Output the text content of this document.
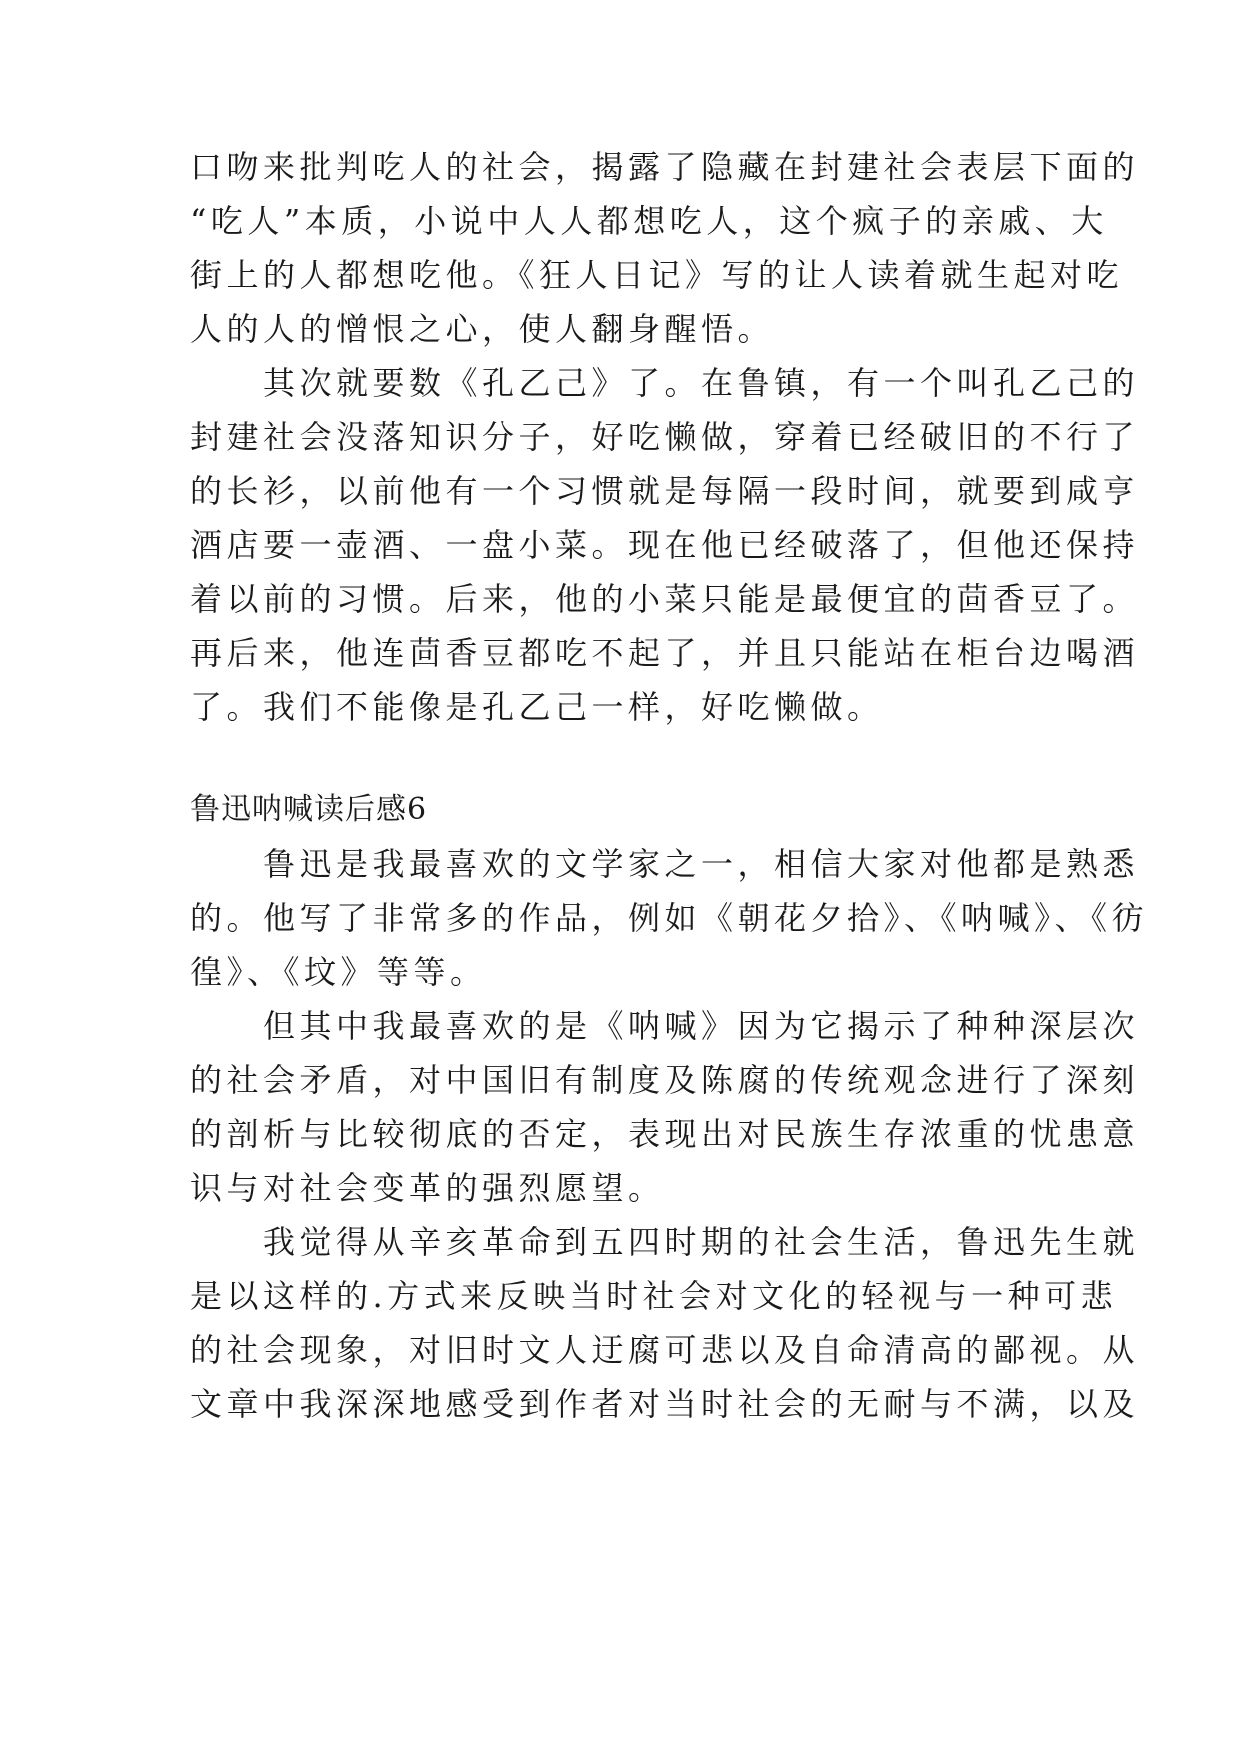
口吻来批判吃人的社会，揭露了隐藏在封建社会表层下面的

“吃人”本质，小说中人人都想吃人，这个疯子的亲戚、大

街上的人都想吃他。《狂人日记》写的让人读着就生起对吃

人的人的憎恨之心，使人翻身醒悟。

　　其次就要数《孔乙己》了。在鲁镇，有一个叫孔乙己的

封建社会没落知识分子，好吃懒做，穿着已经破旧的不行了

的长衫，以前他有一个习惯就是每隔一段时间，就要到咸亨

酒店要一壶酒、一盘小菜。现在他已经破落了，但他还保持

着以前的习惯。后来，他的小菜只能是最便宜的茴香豆了。

再后来，他连茴香豆都吃不起了，并且只能站在柜台边喝酒

了。我们不能像是孔乙己一样，好吃懒做。

鲁迅呐喊读后感6

　　鲁迅是我最喜欢的文学家之一，相信大家对他都是熟悉

的。他写了非常多的作品，例如《朝花夕拾》、《呐喊》、《彷

徨》、《坟》等等。

　　但其中我最喜欢的是《呐喊》因为它揭示了种种深层次

的社会矛盾，对中国旧有制度及陈腐的传统观念进行了深刻

的剖析与比较彻底的否定，表现出对民族生存浓重的忧患意

识与对社会变革的强烈愿望。

　　我觉得从辛亥革命到五四时期的社会生活，鲁迅先生就

是以这样的.方式来反映当时社会对文化的轻视与一种可悲

的社会现象，对旧时文人迂腐可悲以及自命清高的鄙视。从

文章中我深深地感受到作者对当时社会的无耐与不满，以及
